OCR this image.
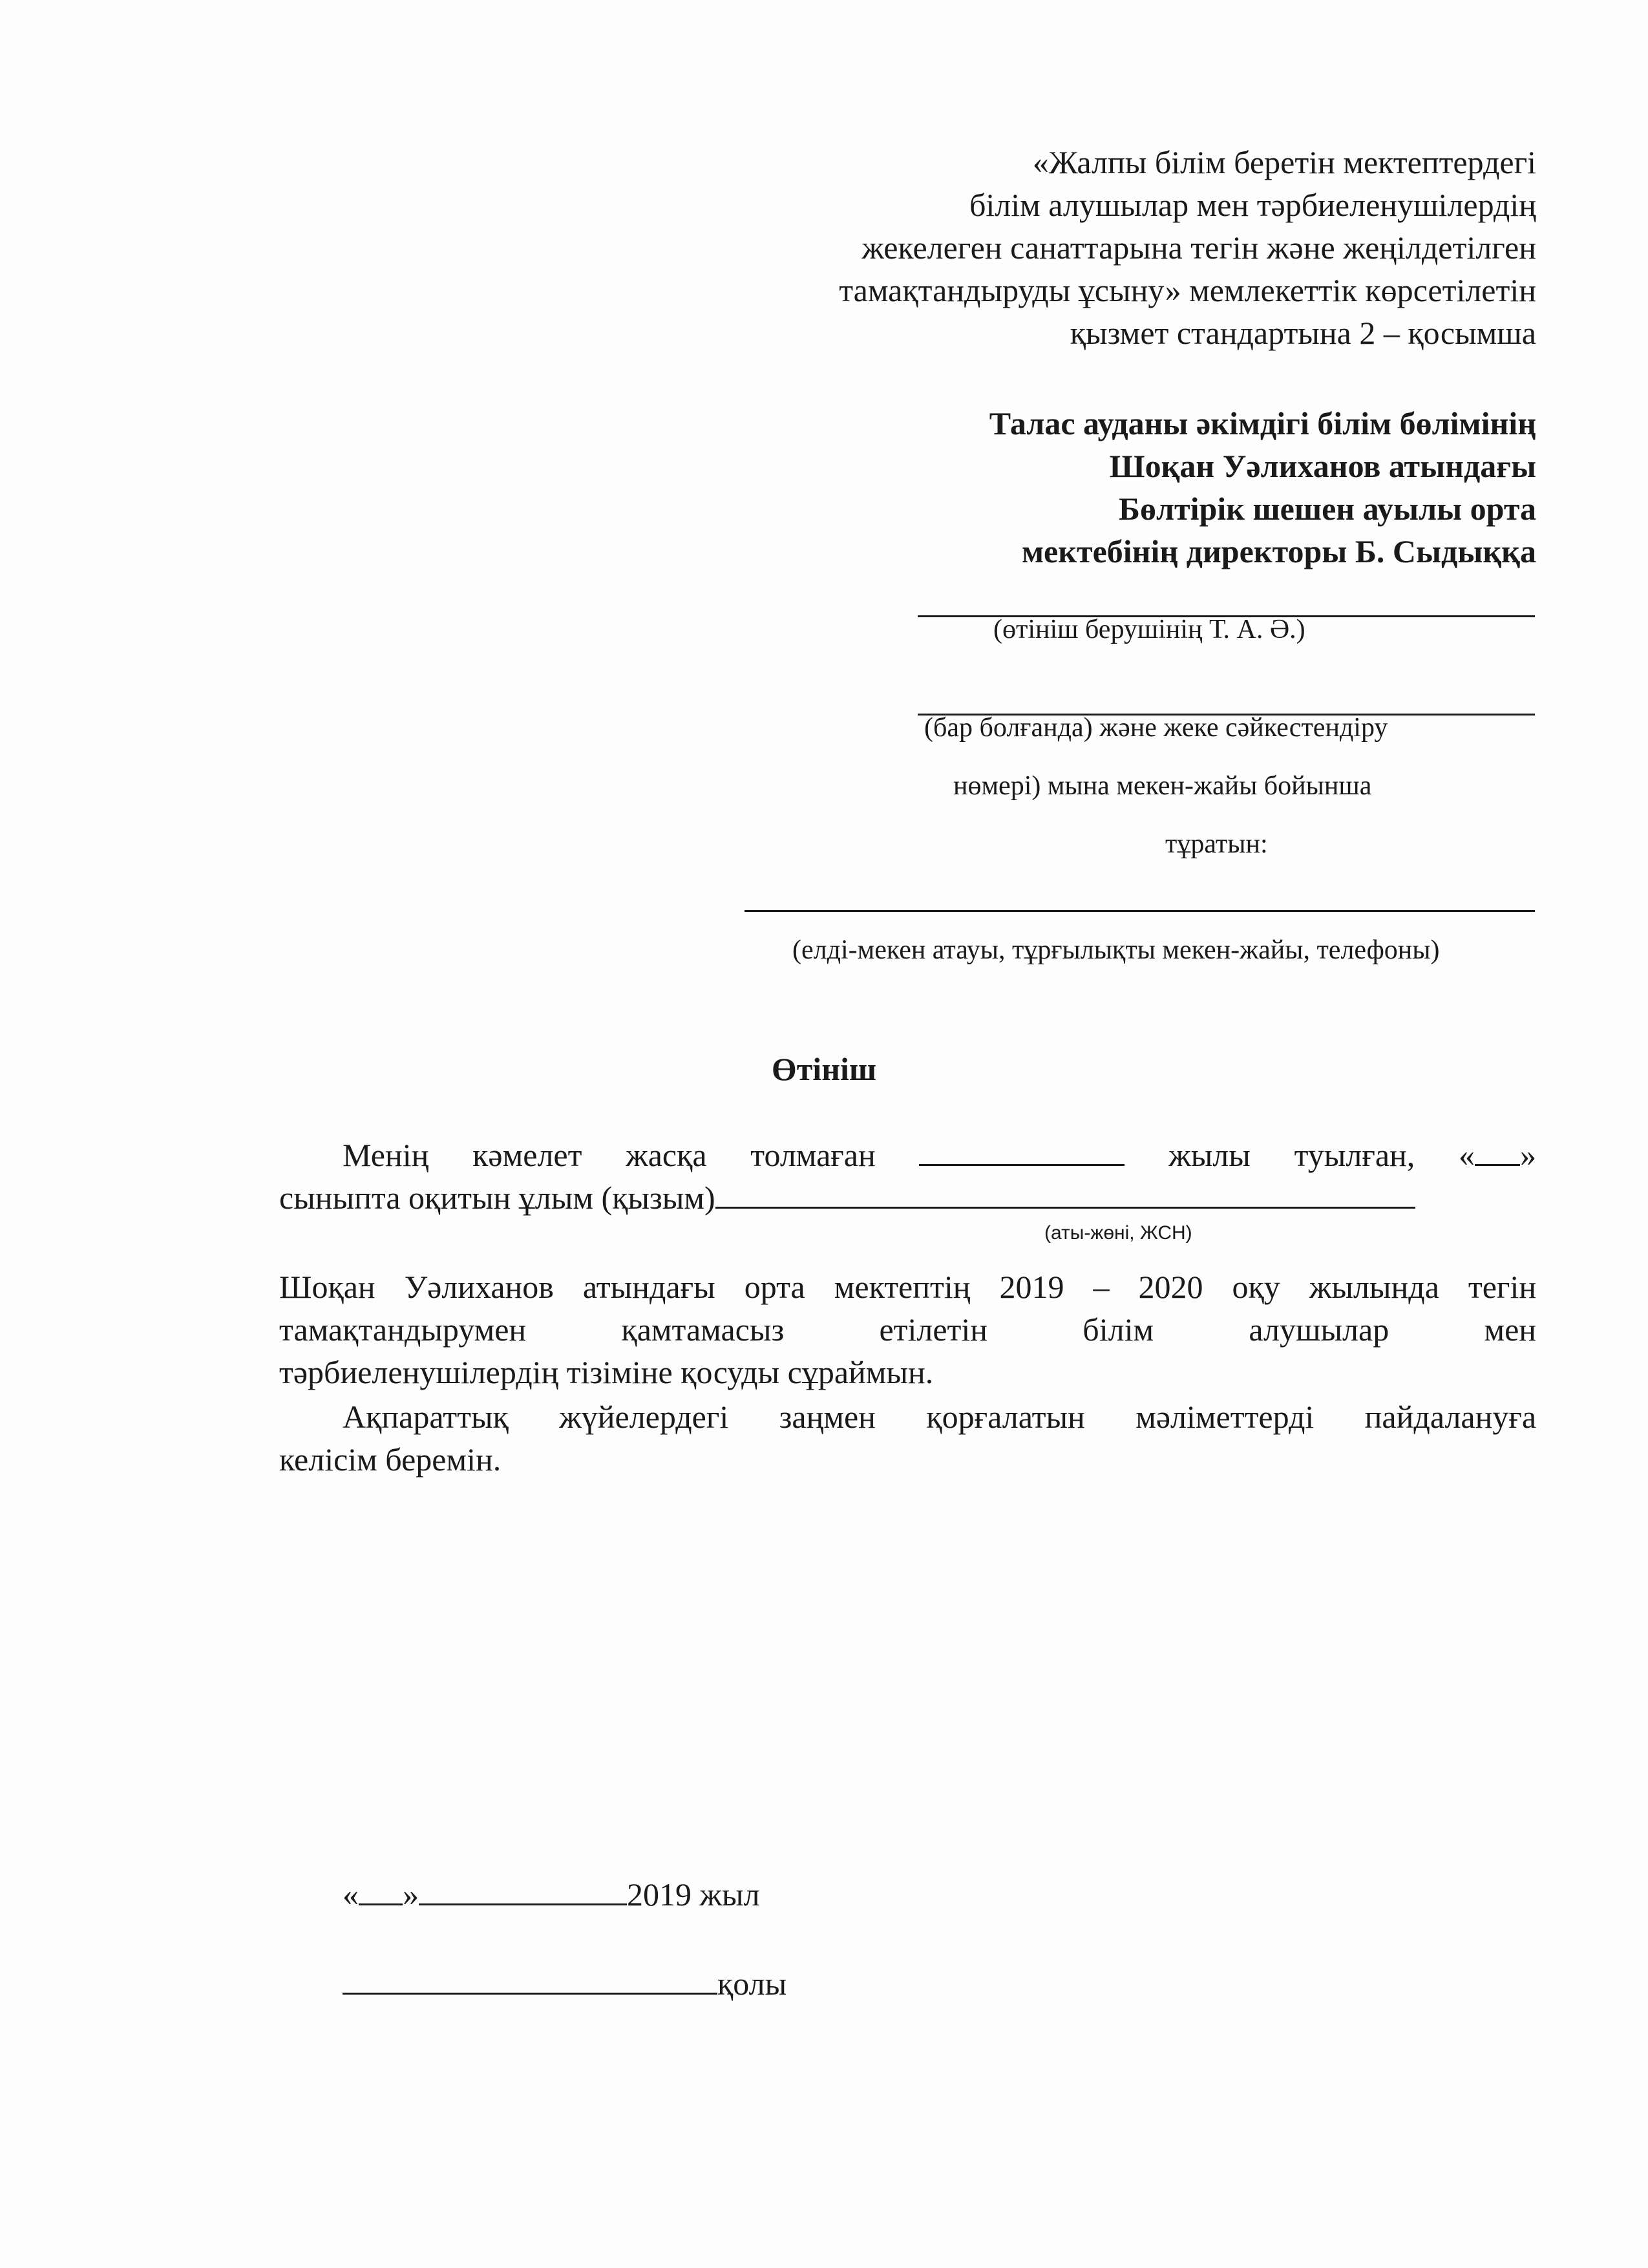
«Жалпы білім беретін мектептердегі
білім алушылар мен тәрбиеленушілердің
жекелеген санаттарына тегін және жеңілдетілген
тамақтандыруды ұсыну» мемлекеттік көрсетілетін
қызмет стандартына 2 – қосымша
Талас ауданы әкімдігі білім бөлімінің
Шоқан Уәлиханов атындағы
Бөлтірік шешен ауылы орта
мектебінің директоры Б. Сыдыққа
(өтініш берушінің Т. А. Ә.)
(бар болғанда) және жеке сәйкестендіру
нөмері) мына мекен-жайы бойынша
тұратын:
(елді-мекен атауы, тұрғылықты мекен-жайы, телефоны)
Өтініш
Менің кәмелет жасқа толмаған	жылы туылған, « »
сыныпта оқитын ұлым (қызым)
(аты-жөні, ЖСН)
Шоқан Уәлиханов атындағы орта мектептің 2019 – 2020 оқу жылында тегін
тамақтандырумен	қамтамасыз	етілетін	білім	алушылар	мен
тәрбиеленушілердің тізіміне қосуды сұраймын.
Ақпараттық жүйелердегі заңмен қорғалатын мәліметтерді пайдалануға
келісім беремін.
« »	2019 жыл
қолы
